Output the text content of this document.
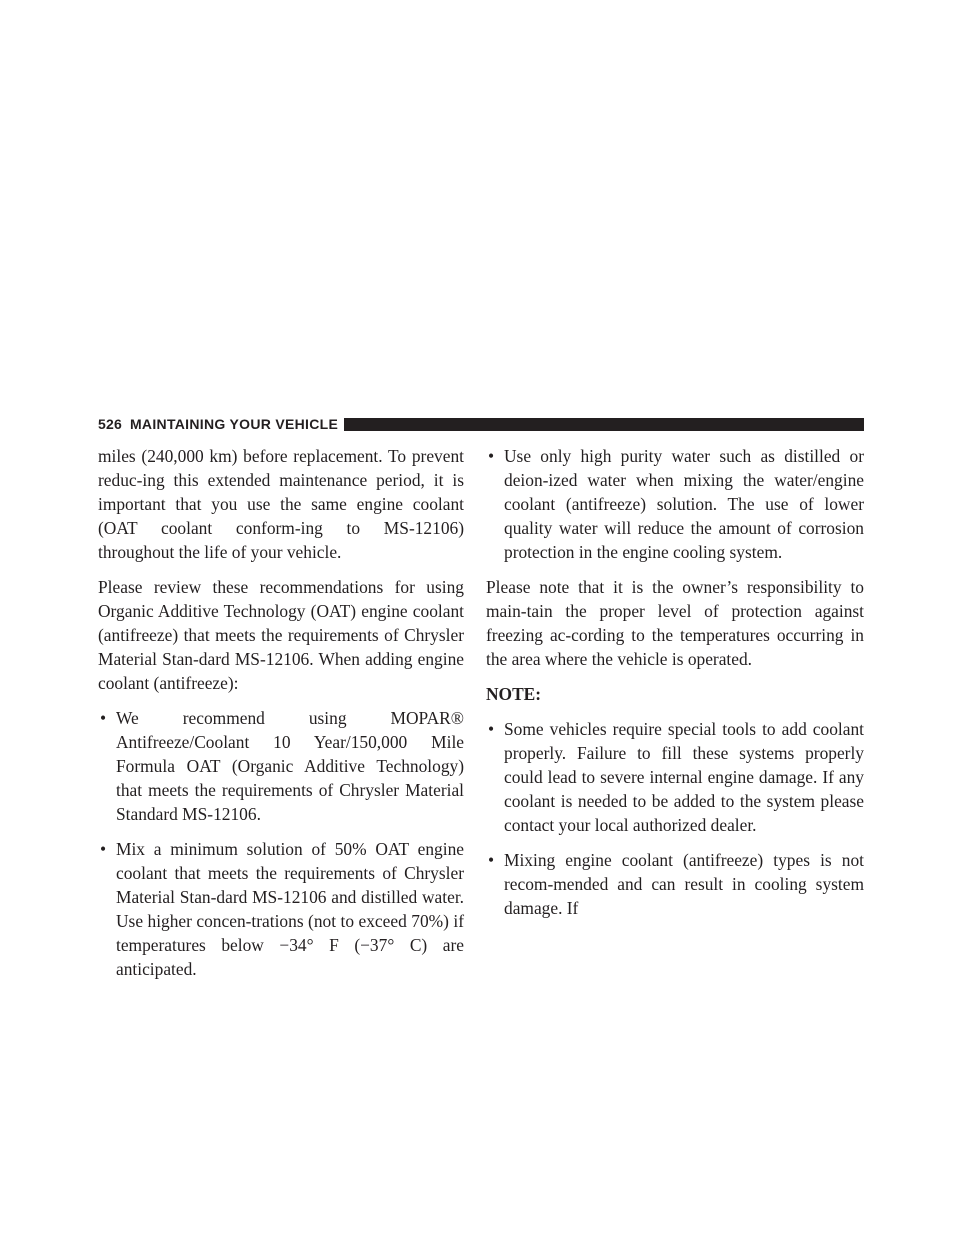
526 MAINTAINING YOUR VEHICLE

miles (240,000 km) before replacement. To prevent reduc-ing this extended maintenance period, it is important that you use the same engine coolant (OAT coolant conform-ing to MS-12106) throughout the life of your vehicle.

Please review these recommendations for using Organic Additive Technology (OAT) engine coolant (antifreeze) that meets the requirements of Chrysler Material Stan-dard MS-12106. When adding engine coolant (antifreeze):

• We recommend using MOPAR® Antifreeze/Coolant 10 Year/150,000 Mile Formula OAT (Organic Additive Technology) that meets the requirements of Chrysler Material Standard MS-12106.
• Mix a minimum solution of 50% OAT engine coolant that meets the requirements of Chrysler Material Stan-dard MS-12106 and distilled water. Use higher concen-trations (not to exceed 70%) if temperatures below −34° F (−37° C) are anticipated.
• Use only high purity water such as distilled or deion-ized water when mixing the water/engine coolant (antifreeze) solution. The use of lower quality water will reduce the amount of corrosion protection in the engine cooling system.

Please note that it is the owner’s responsibility to main-tain the proper level of protection against freezing ac-cording to the temperatures occurring in the area where the vehicle is operated.

NOTE:

• Some vehicles require special tools to add coolant properly. Failure to fill these systems properly could lead to severe internal engine damage. If any coolant is needed to be added to the system please contact your local authorized dealer.
• Mixing engine coolant (antifreeze) types is not recom-mended and can result in cooling system damage. If
